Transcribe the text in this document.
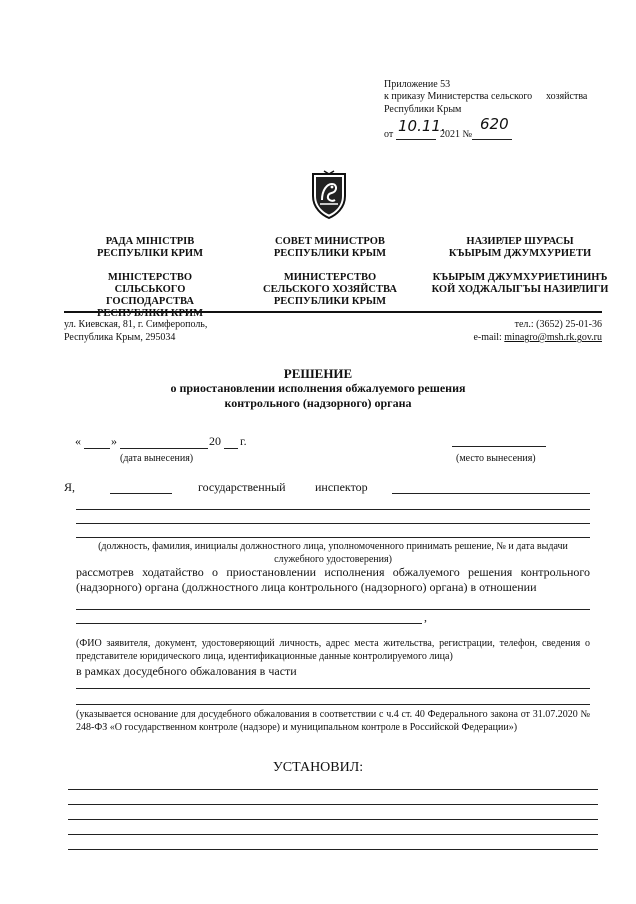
Приложение 53
к приказу Министерства сельского хозяйства
Республики Крым
от 10.11.
2021 №
620
РАДА МІНІСТРІВ
РЕСПУБЛІКИ КРИМ
МІНІСТЕРСТВО
СІЛЬСЬКОГО
ГОСПОДАРСТВА
РЕСПУБЛІКИ КРИМ
СОВЕТ МИНИСТРОВ
РЕСПУБЛИКИ КРЫМ
МИНИСТЕРСТВО
СЕЛЬСКОГО ХОЗЯЙСТВА
РЕСПУБЛИКИ КРЫМ
НАЗИРЛЕР ШУРАСЫ
КЪЫРЫМ ДЖУМХУРИЕТИ
КЪЫРЫМ ДЖУМХУРИЕТИНИНЪ
КОЙ ХОДЖАЛЫГЪЫ НАЗИРЛИГИ
ул. Киевская, 81, г. Симферополь,
Республика Крым, 295034
тел.: (3652) 25-01-36
e-mail: minagro@msh.rk.gov.ru
РЕШЕНИЕ
о приостановлении исполнения обжалуемого решения
контрольного (надзорного) органа
«	»	20 г.
(дата вынесения)	(место вынесения)
Я,	государственный инспектор
(должность, фамилия, инициалы должностного лица, уполномоченного принимать решение, № и дата выдачи
служебного удостоверения)
рассмотрев ходатайство о приостановлении исполнения обжалуемого решения контрольного (надзорного) органа (должностного лица контрольного (надзорного) органа) в отношении
,
(ФИО заявителя, документ, удостоверяющий личность, адрес места жительства, регистрации, телефон, сведения о представителе юридического лица, идентификационные данные контролируемого лица)
в рамках досудебного обжалования в части
(указывается основание для досудебного обжалования в соответствии с ч.4 ст. 40 Федерального закона от 31.07.2020 № 248-ФЗ «О государственном контроле (надзоре) и муниципальном контроле в Российской Федерации»)
УСТАНОВИЛ:
